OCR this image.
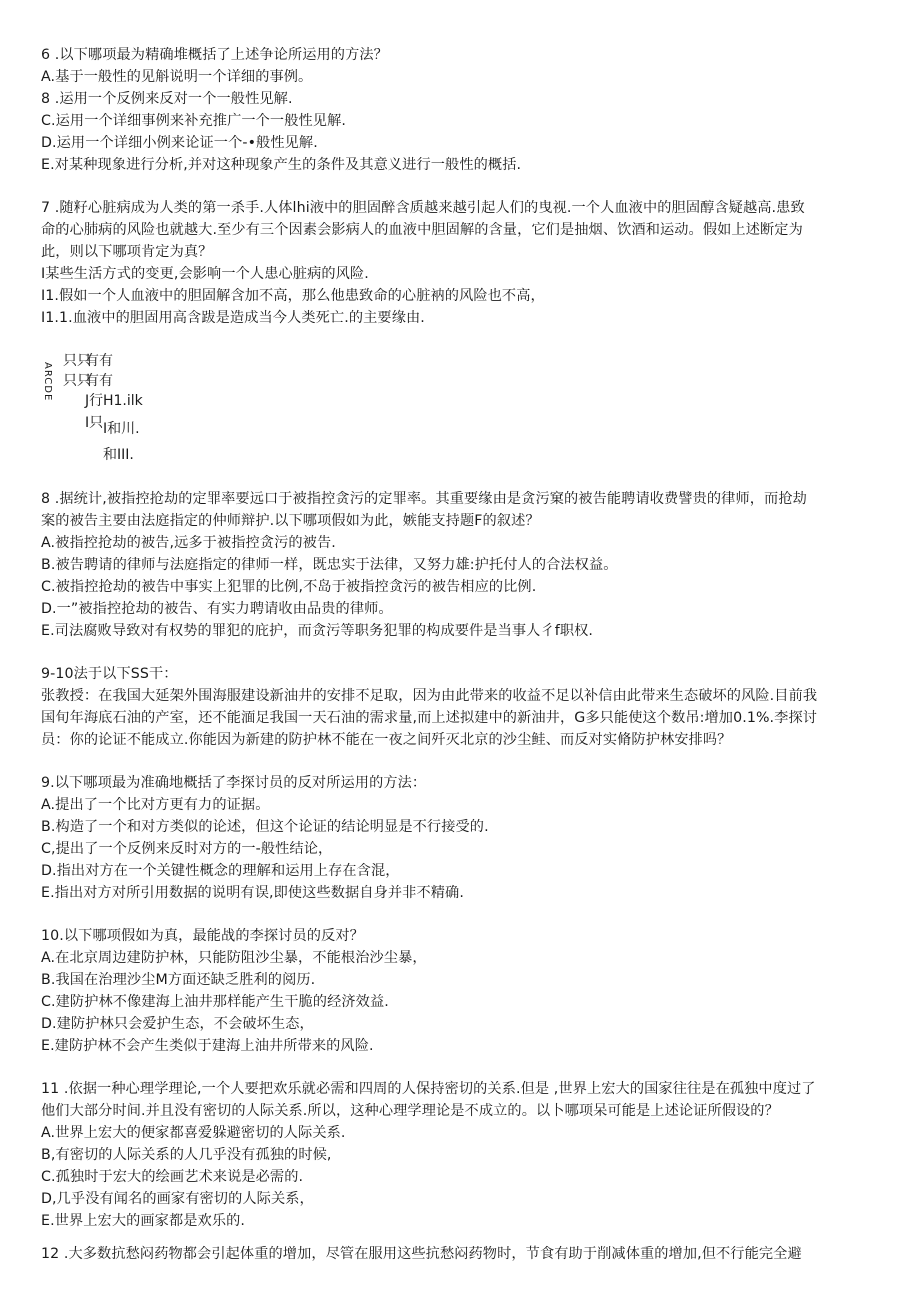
6 .以下哪项最为精确堆概括了上述争论所运用的方法？
A.基于一般性的见斛说明一个详细的事例。
8 .运用一个反例来反对一个一般性见解.
C.运用一个详细事例来补充推广一个一般性见解.
D.运用一个详细小例来论证一个-•般性见解.
E.对某种现象进行分析,并对这种现象产生的条件及其意义进行一般性的概括.
7 .随籽心脏病成为人类的第一杀手.人体lhi液中的胆固醉含质越来越引起人们的曳视.一个人血液中的胆固醇含疑越高.患致
命的心肺病的风险也就越大.至少有三个因素会影病人的血液中胆固解的含量，它们是抽烟、饮酒和运动。假如上述断定为
此，则以下哪项肯定为真？
I某些生活方式的变更,会影响一个人患心脏病的风险.
I1.假如一个人血液中的胆固解含加不高，那么他患致命的心脏衲的风险也不高，
I1.1.血液中的胆固用高含跋是造成当今人类死亡.的主要缘由.
ARCDE
只只
有有
有有
只只
J行
I只
H1.ilk
I和川.
和III.
8 .据统计,被指控抢劫的定罪率要远口于被指控贪污的定罪率。其重要缘由是贪污窠的被告能聘请收费譬贵的律师，而抢劫
案的被告主要由法庭指定的仲师辩护.以下哪项假如为此，嫉能支持题F的叙述？
A.被指控抢劫的被告,远多于被指控贪污的被告.
B.被告聘请的律师与法庭指定的律师一样，既忠实于法律，又努力雄:护托付人的合法权益。
C.被指控抢劫的被告中事实上犯罪的比例,不岛于被指控贪污的被告相应的比例.
D.一”被指控抢劫的被告、有实力聘请收由品贵的律师。
E.司法腐败导致对有权势的罪犯的庇护，而贪污等职务犯罪的构成要件是当事人彳f职权.
9-10法于以下SS干：
张教授：在我国大延架外围海服建设新油井的安排不足取，因为由此带来的收益不足以补信由此带来生态破坏的风险.目前我
国旬年海底石油的产室，还不能湎足我国一天石油的需求量,而上述拟建中的新油井，G多只能使这个数吊:增加0.1%.李探讨
员：你的论证不能成立.你能因为新建的防护林不能在一夜之间歼灭北京的沙尘鲑、而反对实脩防护林安排吗？
9.以下哪项最为准确地概括了李探讨员的反对所运用的方法：
A.提出了一个比对方更有力的证据。
B.构造了一个和对方类似的论述，但这个论证的结论明显是不行接受的.
C,提出了一个反例来反时对方的一-般性结论，
D.指出对方在一个关键性概念的理解和运用上存在含混，
E.指出对方对所引用数据的说明有误,即使这些数据自身并非不精确.
10.以下哪项假如为真，最能战的李探讨员的反对？
A.在北京周边建防护林，只能防阻沙尘暴，不能根治沙尘暴，
B.我国在治理沙尘M方面还缺乏胜利的阅历.
C.建防护林不像建海上油井那样能产生干脆的经济效益.
D.建防护林只会爱护生态，不会破坏生态，
E.建防护林不会产生类似于建海上油井所带来的风险.
11 .依据一种心理学理论,一个人要把欢乐就必需和四周的人保持密切的关系.但是 ,世界上宏大的国家往往是在孤独中度过了
他们大部分时间.并且没有密切的人际关系.所以，这种心理学理论是不成立的。以卜哪项呆可能是上述论证所假设的？
A.世界上宏大的便家都喜爱躲避密切的人际关系.
B,有密切的人际关系的人几乎没有孤独的时候,
C.孤独时于宏大的绘画艺术来说是必需的.
D,几乎没有闻名的画家有密切的人际关系，
E.世界上宏大的画家都是欢乐的.
12 .大多数抗愁闷药物都会引起体重的增加，尽管在服用这些抗愁闷药物时，节食有助于削减体重的增加,但不行能完全避
